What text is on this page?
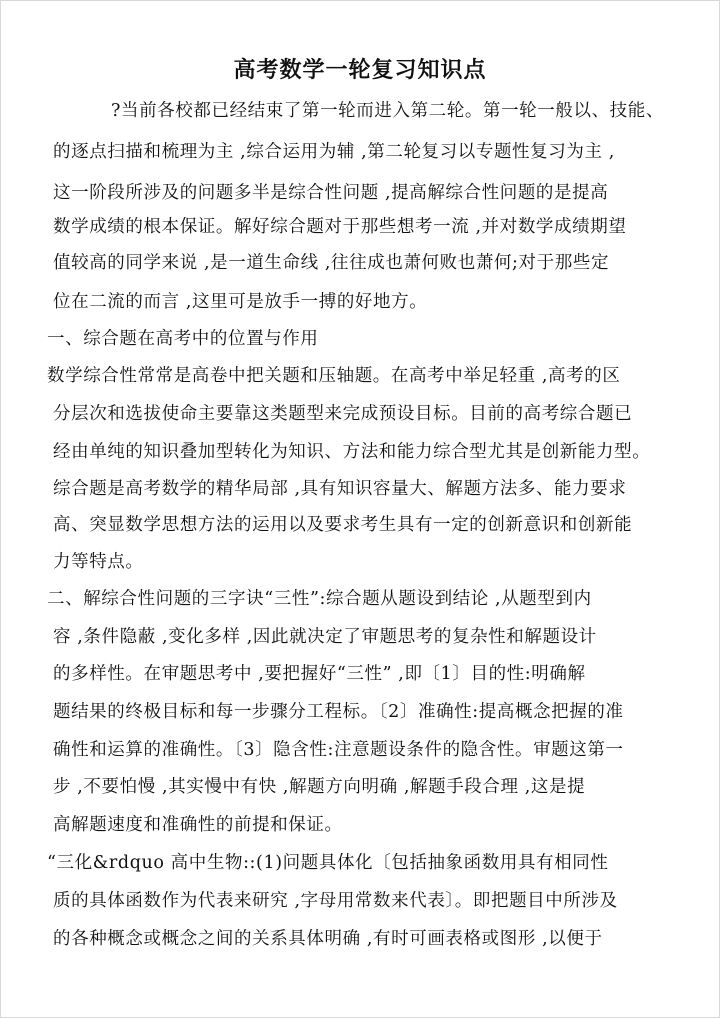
高考数学一轮复习知识点
?当前各校都已经结束了第一轮而进入第二轮。第一轮一般以、技能、
的逐点扫描和梳理为主 ,综合运用为辅 ,第二轮复习以专题性复习为主 ,
这一阶段所涉及的问题多半是综合性问题 ,提高解综合性问题的是提高
数学成绩的根本保证。解好综合题对于那些想考一流 ,并对数学成绩期望
值较高的同学来说 ,是一道生命线 ,往往成也萧何败也萧何;对于那些定
位在二流的而言 ,这里可是放手一搏的好地方。
一、综合题在高考中的位置与作用
数学综合性常常是高卷中把关题和压轴题。在高考中举足轻重 ,高考的区
分层次和选拔使命主要靠这类题型来完成预设目标。目前的高考综合题已
经由单纯的知识叠加型转化为知识、方法和能力综合型尤其是创新能力型。
综合题是高考数学的精华局部 ,具有知识容量大、解题方法多、能力要求
高、突显数学思想方法的运用以及要求考生具有一定的创新意识和创新能
力等特点。
二、解综合性问题的三字诀“三性”:综合题从题设到结论 ,从题型到内
容 ,条件隐蔽 ,变化多样 ,因此就决定了审题思考的复杂性和解题设计
的多样性。在审题思考中 ,要把握好“三性” ,即〔1〕目的性:明确解
题结果的终极目标和每一步骤分工程标。〔2〕准确性:提高概念把握的准
确性和运算的准确性。〔3〕隐含性:注意题设条件的隐含性。审题这第一
步 ,不要怕慢 ,其实慢中有快 ,解题方向明确 ,解题手段合理 ,这是提
高解题速度和准确性的前提和保证。
“三化&rdquo 高中生物::(1)问题具体化〔包括抽象函数用具有相同性
质的具体函数作为代表来研究 ,字母用常数来代表〕。即把题目中所涉及
的各种概念或概念之间的关系具体明确 ,有时可画表格或图形 ,以便于
